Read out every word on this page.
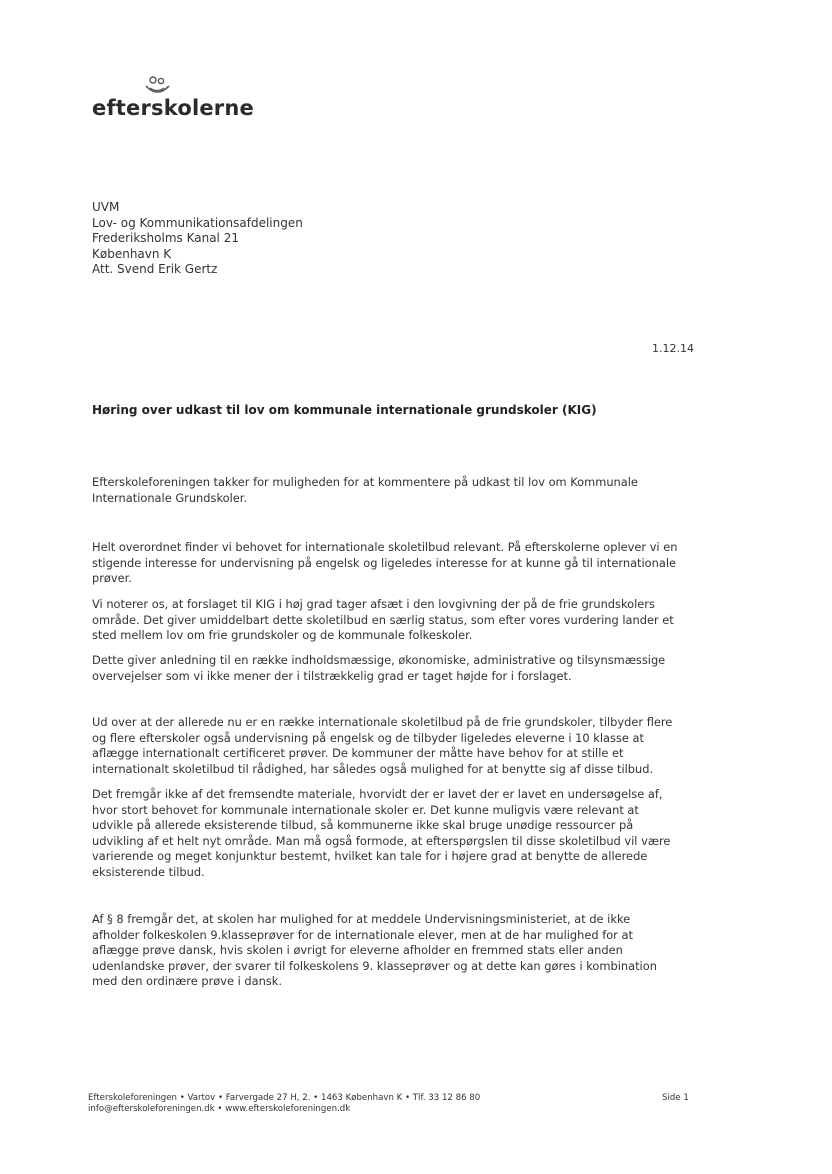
efterskolerne
UVM
Lov- og Kommunikationsafdelingen
Frederiksholms Kanal 21
København K
Att. Svend Erik Gertz
1.12.14
Høring over udkast til lov om kommunale internationale grundskoler (KIG)
Efterskoleforeningen takker for muligheden for at kommentere på udkast til lov om Kommunale
Internationale Grundskoler.
Helt overordnet finder vi behovet for internationale skoletilbud relevant. På efterskolerne oplever vi en
stigende interesse for undervisning på engelsk og ligeledes interesse for at kunne gå til internationale
prøver.
Vi noterer os, at forslaget til KIG i høj grad tager afsæt i den lovgivning der på de frie grundskolers
område. Det giver umiddelbart dette skoletilbud en særlig status, som efter vores vurdering lander et
sted mellem lov om frie grundskoler og de kommunale folkeskoler.
Dette giver anledning til en række indholdsmæssige, økonomiske, administrative og tilsynsmæssige
overvejelser som vi ikke mener der i tilstrækkelig grad er taget højde for i forslaget.
Ud over at der allerede nu er en række internationale skoletilbud på de frie grundskoler, tilbyder flere
og flere efterskoler også undervisning på engelsk og de tilbyder ligeledes eleverne i 10 klasse at
aflægge internationalt certificeret prøver. De kommuner der måtte have behov for at stille et
internationalt skoletilbud til rådighed, har således også mulighed for at benytte sig af disse tilbud.
Det fremgår ikke af det fremsendte materiale, hvorvidt der er lavet der er lavet en undersøgelse af,
hvor stort behovet for kommunale internationale skoler er. Det kunne muligvis være relevant at
udvikle på allerede eksisterende tilbud, så kommunerne ikke skal bruge unødige ressourcer på
udvikling af et helt nyt område. Man må også formode, at efterspørgslen til disse skoletilbud vil være
varierende og meget konjunktur bestemt, hvilket kan tale for i højere grad at benytte de allerede
eksisterende tilbud.
Af § 8 fremgår det, at skolen har mulighed for at meddele Undervisningsministeriet, at de ikke
afholder folkeskolen 9.klasseprøver for de internationale elever, men at de har mulighed for at
aflægge prøve dansk, hvis skolen i øvrigt for eleverne afholder en fremmed stats eller anden
udenlandske prøver, der svarer til folkeskolens 9. klasseprøver og at dette kan gøres i kombination
med den ordinære prøve i dansk.
Efterskoleforeningen • Vartov • Farvergade 27 H, 2. • 1463 København K • Tlf. 33 12 86 80
info@efterskoleforeningen.dk • www.efterskoleforeningen.dk
Side 1
